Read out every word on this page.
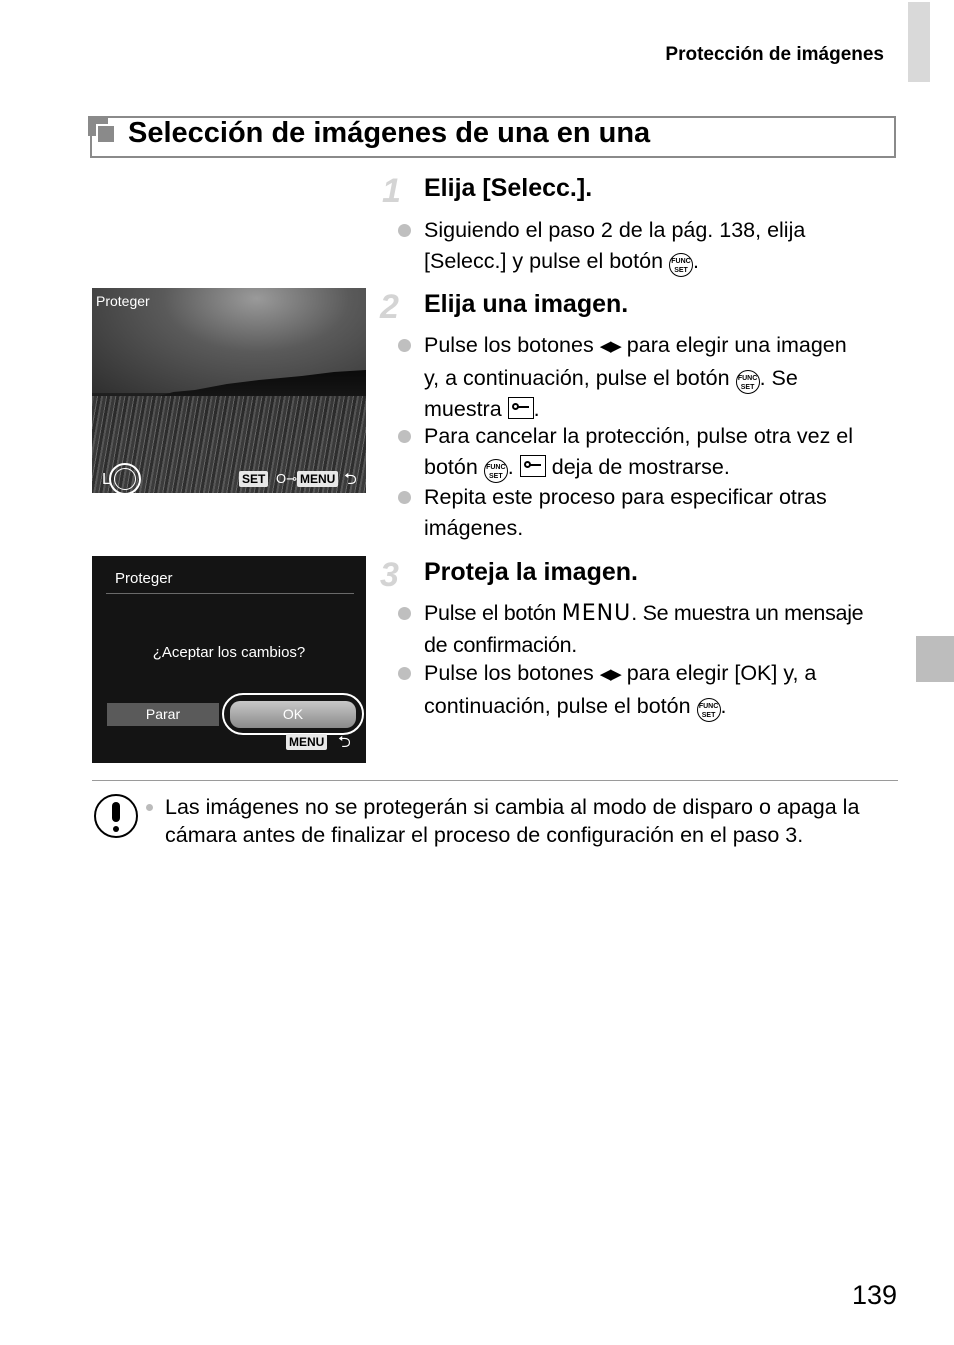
Protección de imágenes
Selección de imágenes de una en una
1 Elija [Selecc.].
Siguiendo el paso 2 de la pág. 138, elija
[Selecc.] y pulse el botón FUNC
SET .
Proteger
L	SET O⊸ MENU ⮌
2 Elija una imagen.
Pulse los botones ◀▶ para elegir una imagen
y, a continuación, pulse el botón FUNC
SET . Se
muestra .
Para cancelar la protección, pulse otra vez el
botón FUNC
SET . deja de mostrarse.
Repita este proceso para especificar otras
imágenes.
Proteger
¿Aceptar los cambios?
Parar	OK
MENU ⮌
3 Proteja la imagen.
Pulse el botón MENU. Se muestra un mensaje
de confirmación.
Pulse los botones ◀▶ para elegir [OK] y, a
continuación, pulse el botón FUNC
SET .
Las imágenes no se protegerán si cambia al modo de disparo o apaga la cámara antes de finalizar el proceso de configuración en el paso 3.
139
